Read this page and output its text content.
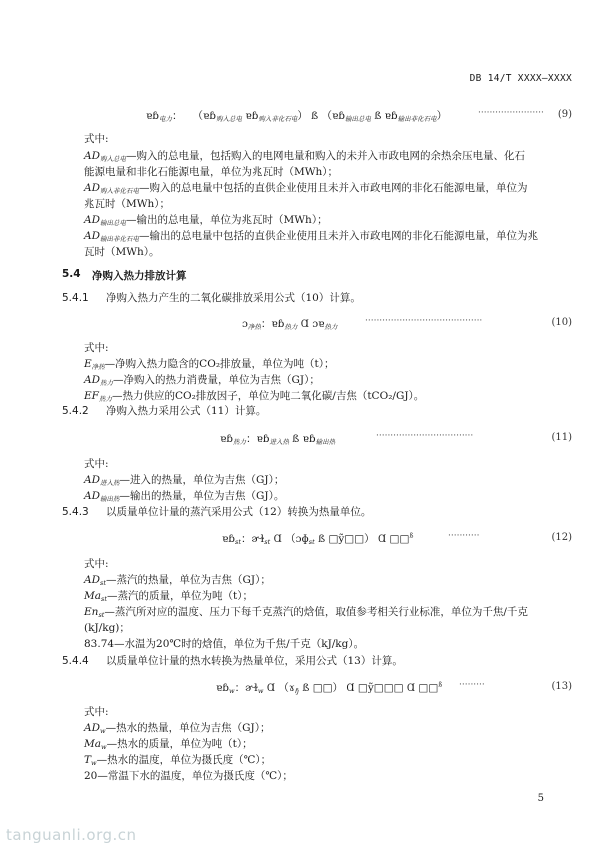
DB 14/T XXXX—XXXX
ɐɓ$_{电力}$： （ɐɓ$_{购入总电}$ ɐɓ$_{购入非化石电}$） ß （ɐɓ$_{输出总电}$ ß ɐɓ$_{输出非化石电}$）	······················· (9)
式中:
$AD_{购入总电}—$购入的总电量，包括购入的电网电量和购入的未并入市政电网的余热余压电量、化石
能源电量和非化石能源电量，单位为兆瓦时（MWh）；
$AD_{购入非化石电}—$购入的总电量中包括的直供企业使用且未并入市政电网的非化石能源电量，单位为
兆瓦时（MWh）；
$AD_{输出总电}—$输出的总电量，单位为兆瓦时（MWh）；
$AD_{输出非化石电}—$输出的总电量中包括的直供企业使用且未并入市政电网的非化石能源电量，单位为兆
瓦时（MWh）。
5.4 净购入热力排放计算
5.4.1 净购入热力产生的二氧化碳排放采用公式（10）计算。
ɔ$_{净热}$：ɐɓ$_{热力}$ Ɑ ɔɐ$_{热力}$
·········································	(10)
式中:
$E_{净热}—$净购入热力隐含的CO₂排放量，单位为吨（t）；
$AD_{热力}—$净购入的热力消费量，单位为吉焦（GJ）；
$EF_{热力}—$热力供应的CO₂排放因子，单位为吨二氧化碳/吉焦（tCO₂/GJ）。
5.4.2 净购入热力采用公式（11）计算。
ɐɓ$_{热力}$：ɐɓ$_{进入热}$ ß ɐɓ$_{输出热}$
··································	(11)
式中:
$AD_{进入热}—$进入的热量，单位为吉焦（GJ）；
$AD_{输出热}—$输出的热量，单位为吉焦（GJ）。
5.4.3 以质量单位计量的蒸汽采用公式（12）转换为热量单位。
ɐɓ$_{st}$：ɚɫ$_{st}$ Ɑ （ɔɸ$_{st}$ ß □ỹ□□） Ɑ □□$^ß$	···········	(12)
式中:
$AD_{st}—$蒸汽的热量，单位为吉焦（GJ）；
$Ma_{st}—$蒸汽的质量，单位为吨（t）；
$En_{st}—$蒸汽所对应的温度、压力下每千克蒸汽的焓值，取值参考相关行业标准，单位为千焦/千克
(kJ/kg)；
83.74—水温为20℃时的焓值，单位为千焦/千克（kJ/kg）。
5.4.4 以质量单位计量的热水转换为热量单位，采用公式（13）计算。
ɐɓ$_w$：ɚɫ$_w$ Ɑ （ɤ$_ɧ$ ß □□） Ɑ □ỹ□□□ Ɑ □□$^ß$ ·········	(13)
式中:
$AD_w—$热水的热量，单位为吉焦（GJ）；
$Ma_w—$热水的质量，单位为吨（t）；
$T_w—$热水的温度，单位为摄氏度（℃）；
20—常温下水的温度，单位为摄氏度（℃）；
5
tanguanli.org.cn
